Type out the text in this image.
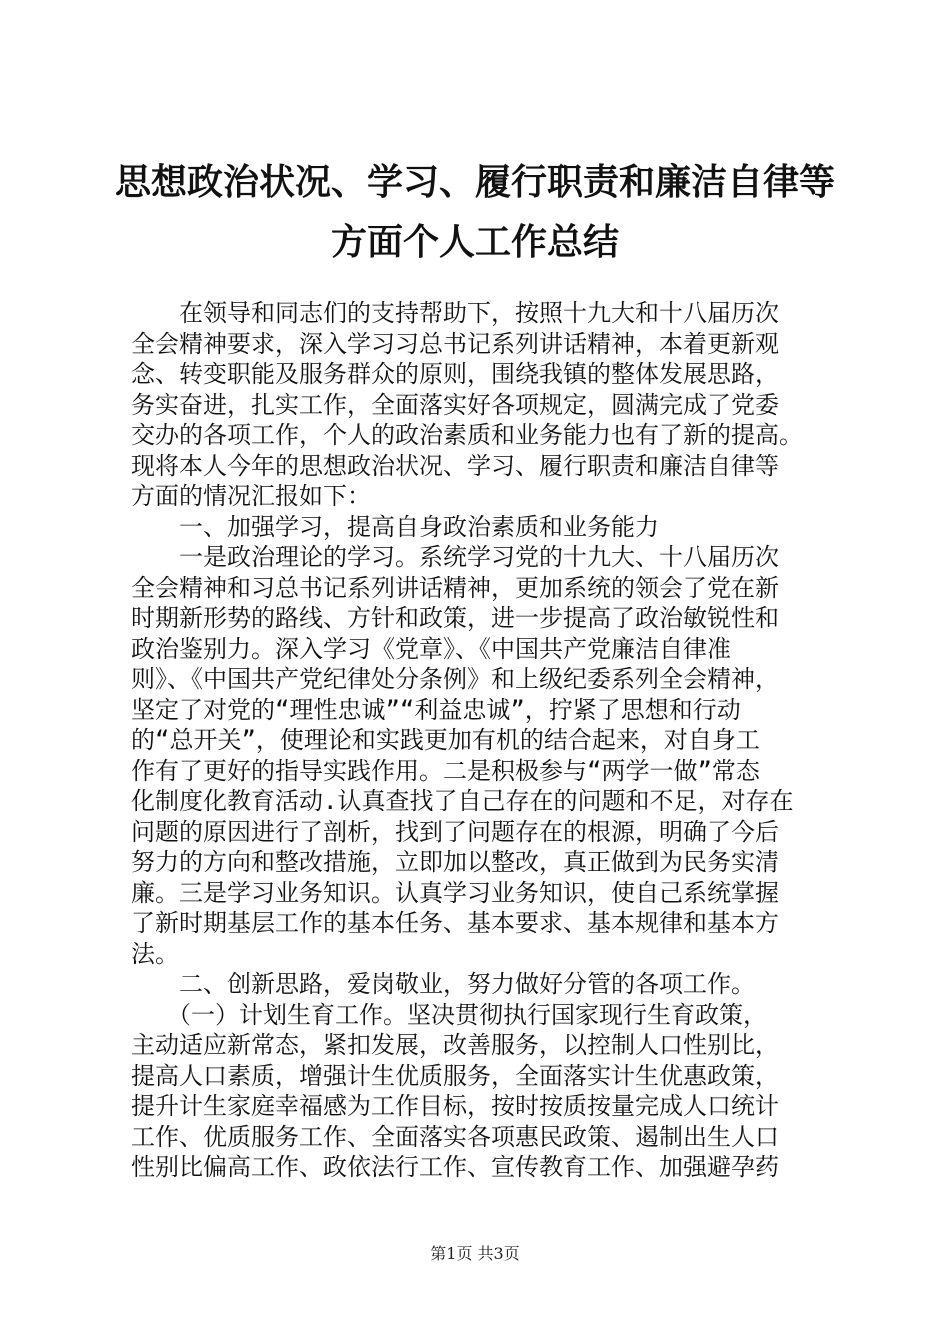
思想政治状况、学习、履行职责和廉洁自律等
方面个人工作总结
　　在领导和同志们的支持帮助下，按照十九大和十八届历次
全会精神要求，深入学习习总书记系列讲话精神，本着更新观
念、转变职能及服务群众的原则，围绕我镇的整体发展思路，
务实奋进，扎实工作，全面落实好各项规定，圆满完成了党委
交办的各项工作，个人的政治素质和业务能力也有了新的提高。
现将本人今年的思想政治状况、学习、履行职责和廉洁自律等
方面的情况汇报如下：
　　一、加强学习，提高自身政治素质和业务能力
　　一是政治理论的学习。系统学习党的十九大、十八届历次
全会精神和习总书记系列讲话精神，更加系统的领会了党在新
时期新形势的路线、方针和政策，进一步提高了政治敏锐性和
政治鉴别力。深入学习《党章》、《中国共产党廉洁自律准
则》、《中国共产党纪律处分条例》和上级纪委系列全会精神，
坚定了对党的“理性忠诚”“利益忠诚”，拧紧了思想和行动
的“总开关”，使理论和实践更加有机的结合起来，对自身工
作有了更好的指导实践作用。二是积极参与“两学一做”常态
化制度化教育活动.认真查找了自己存在的问题和不足，对存在
问题的原因进行了剖析，找到了问题存在的根源，明确了今后
努力的方向和整改措施，立即加以整改，真正做到为民务实清
廉。三是学习业务知识。认真学习业务知识，使自己系统掌握
了新时期基层工作的基本任务、基本要求、基本规律和基本方
法。
　　二、创新思路，爱岗敬业，努力做好分管的各项工作。
　　（一）计划生育工作。坚决贯彻执行国家现行生育政策，
主动适应新常态，紧扣发展，改善服务，以控制人口性别比，
提高人口素质，增强计生优质服务，全面落实计生优惠政策，
提升计生家庭幸福感为工作目标，按时按质按量完成人口统计
工作、优质服务工作、全面落实各项惠民政策、遏制出生人口
性别比偏高工作、政依法行工作、宣传教育工作、加强避孕药
第1页 共3页
